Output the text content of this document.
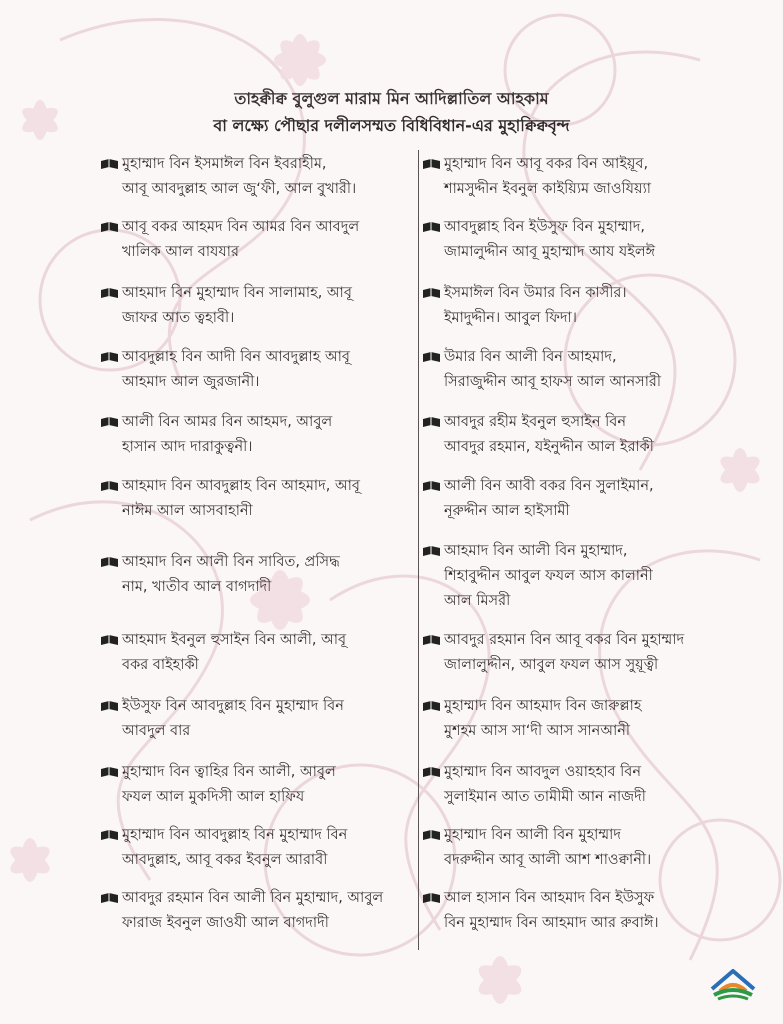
তাহক্বীক্ব বুলুগুল মারাম মিন আদিল্লাতিল আহকাম
বা লক্ষ্যে পৌছার দলীলসম্মত বিধিবিধান-এর মুহাক্বিক্ববৃন্দ
মুহাম্মাদ বিন ইসমাঈল বিন ইবরাহীম,
আবূ আবদুল্লাহ আল জু‘ফী, আল বুখারী।
আবূ বকর আহমদ বিন আমর বিন আবদুল
খালিক আল বাযযার
আহমাদ বিন মুহাম্মাদ বিন সালামাহ, আবূ
জাফর আত ত্বহাবী।
আবদুল্লাহ বিন আদী বিন আবদুল্লাহ আবূ
আহমাদ আল জুরজানী।
আলী বিন আমর বিন আহমদ, আবুল
হাসান আদ দারাকুত্বনী।
আহমাদ বিন আবদুল্লাহ বিন আহমাদ, আবূ
নাঈম আল আসবাহানী
আহমাদ বিন আলী বিন সাবিত, প্রসিদ্ধ
নাম, খাতীব আল বাগদাদী
আহমাদ ইবনুল হুসাইন বিন আলী, আবূ
বকর বাইহাকী
ইউসুফ বিন আবদুল্লাহ বিন মুহাম্মাদ বিন
আবদুল বার
মুহাম্মাদ বিন ত্বাহির বিন আলী, আবুল
ফযল আল মুকদিসী আল হাফিয
মুহাম্মাদ বিন আবদুল্লাহ বিন মুহাম্মাদ বিন
আবদুল্লাহ, আবূ বকর ইবনুল আরাবী
আবদুর রহমান বিন আলী বিন মুহাম্মাদ, আবুল
ফারাজ ইবনুল জাওযী আল বাগদাদী
মুহাম্মাদ বিন আবূ বকর বিন আইয়ূব,
শামসুদ্দীন ইবনুল কাইয়্যিম জাওযিয়্যা
আবদুল্লাহ বিন ইউসুফ বিন মুহাম্মাদ,
জামালুদ্দীন আবূ মুহাম্মাদ আয যইলঈ
ইসমাঈল বিন উমার বিন কাসীর।
ইমাদুদ্দীন। আবুল ফিদা।
উমার বিন আলী বিন আহমাদ,
সিরাজুদ্দীন আবূ হাফস আল আনসারী
আবদুর রহীম ইবনুল হুসাইন বিন
আবদুর রহমান, যইনুদ্দীন আল ইরাকী
আলী বিন আবী বকর বিন সুলাইমান,
নূরুদ্দীন আল হাইসামী
আহমাদ বিন আলী বিন মুহাম্মাদ,
শিহাবুদ্দীন আবুল ফযল আস কালানী
আল মিসরী
আবদুর রহমান বিন আবূ বকর বিন মুহাম্মাদ
জালালুদ্দীন, আবুল ফযল আস সুয়ূত্বী
মুহাম্মাদ বিন আহমাদ বিন জারুল্লাহ
মুশহম আস সা‘দী আস সানআনী
মুহাম্মাদ বিন আবদুল ওয়াহহাব বিন
সুলাইমান আত তামীমী আন নাজদী
মুহাম্মাদ বিন আলী বিন মুহাম্মাদ
বদরুদ্দীন আবূ আলী আশ শাওক্বানী।
আল হাসান বিন আহমাদ বিন ইউসুফ
বিন মুহাম্মাদ বিন আহমাদ আর রুবাঈ।
